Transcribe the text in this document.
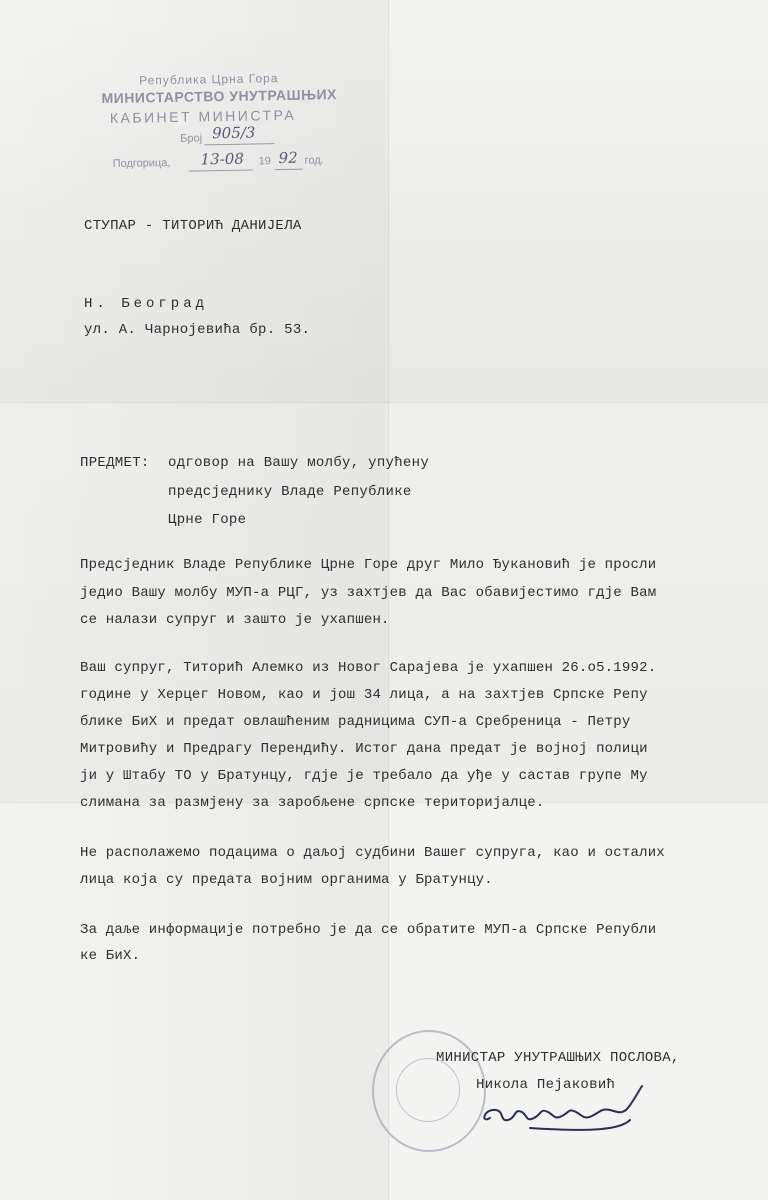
Република Црна Гора
МИНИСТАРСТВО УНУТРАШЊИХ
КАБИНЕТ МИНИСТРА
Број 905/3
Подгорица, 13-08 19 92 год.
СТУПАР - ТИТОРИЋ ДАНИЈЕЛА
Н. Београд
ул. А. Чарнојевића бр. 53.
ПРЕДМЕТ: одговор на Вашу молбу, упућену
предсједнику Владе Републике
Црне Горе
Предсједник Владе Републике Црне Горе друг Мило Ђукановић је просли
једио Вашу молбу МУП-а РЦГ, уз захтјев да Вас обавијестимо гдје Вам
се налази супруг и зашто је ухапшен.
Ваш супруг, Титорић Алемко из Новог Сарајева је ухапшен 26.о5.1992.
године у Херцег Новом, као и још 34 лица, а на захтјев Српске Репу
блике БиХ и предат овлашћеним радницима СУП-а Сребреница - Петру
Митровићу и Предрагу Перендићу. Истог дана предат је војној полици
ји у Штабу ТО у Братунцу, гдје је требало да уђе у састав групе Му
слимана за размјену за заробљене српске територијалце.
Не располажемо подацима о даљој судбини Вашег супруга, као и осталих
лица која су предата војним органима у Братунцу.
За даље информације потребно је да се обратите МУП-а Српске Републи
ке БиХ.
МИНИСТАР УНУТРАШЊИХ ПОСЛОВА,
Никола Пејаковић
